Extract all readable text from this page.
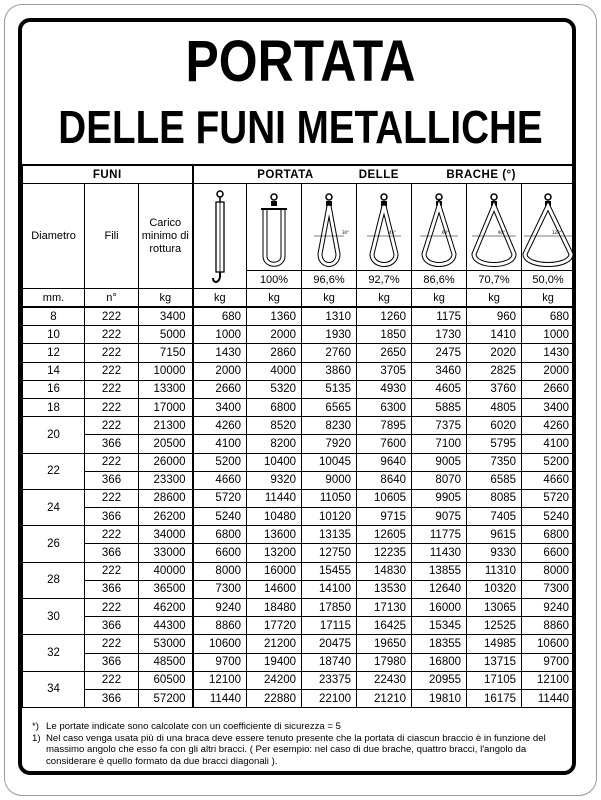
PORTATA
DELLE FUNI METALLICHE
FUNI			PORTATA DELLE BRACHE (°)						
Diametro	Fili	Carico minimo di rottura			30°	45°	60°	90°	120°

				100%	96,6%	92,7%	86,6%	70,7%	50,0%
mm.	n°	kg	kg	kg	kg	kg	kg	kg	kg
8	222	3400	680	1360	1310	1260	1175	960	680
10	222	5000	1000	2000	1930	1850	1730	1410	1000
12	222	7150	1430	2860	2760	2650	2475	2020	1430
14	222	10000	2000	4000	3860	3705	3460	2825	2000
16	222	13300	2660	5320	5135	4930	4605	3760	2660
18	222	17000	3400	6800	6565	6300	5885	4805	3400
20	222	21300	4260	8520	8230	7895	7375	6020	4260
	366	20500	4100	8200	7920	7600	7100	5795	4100
22	222	26000	5200	10400	10045	9640	9005	7350	5200
	366	23300	4660	9320	9000	8640	8070	6585	4660
24	222	28600	5720	11440	11050	10605	9905	8085	5720
	366	26200	5240	10480	10120	9715	9075	7405	5240
26	222	34000	6800	13600	13135	12605	11775	9615	6800
	366	33000	6600	13200	12750	12235	11430	9330	6600
28	222	40000	8000	16000	15455	14830	13855	11310	8000
	366	36500	7300	14600	14100	13530	12640	10320	7300
30	222	46200	9240	18480	17850	17130	16000	13065	9240
	366	44300	8860	17720	17115	16425	15345	12525	8860
32	222	53000	10600	21200	20475	19650	18355	14985	10600
	366	48500	9700	19400	18740	17980	16800	13715	9700
34	222	60500	12100	24200	23375	22430	20955	17105	12100
	366	57200	11440	22880	22100	21210	19810	16175	11440

*) Le portate indicate sono calcolate con un coefficiente di sicurezza = 5

1) Nel caso venga usata più di una braca deve essere tenuto presente che la portata di ciascun braccio è in funzione del massimo angolo che esso fa con gli altri bracci. ( Per esempio: nel caso di due brache, quattro bracci, l'angolo da considerare è quello formato da due bracci diagonali ).
